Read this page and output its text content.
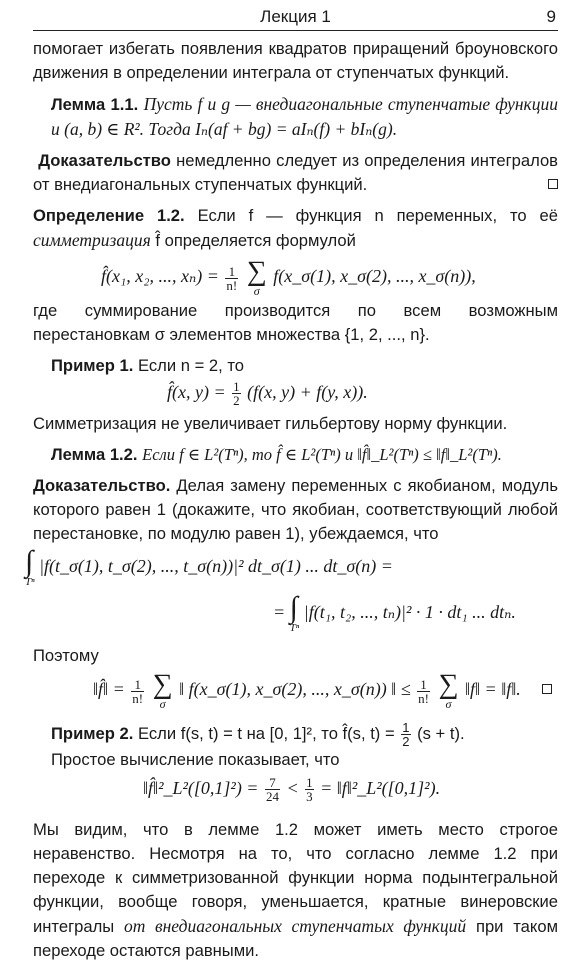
Лекция 1	9

помогает избегать появления квадратов приращений броуновского движения в определении интеграла от ступенчатых функций.

Лемма 1.1. Пусть f и g — внедиагональные ступенчатые функции и (a, b) ∈ R². Тогда Iₙ(af + bg) = aIₙ(f) + bIₙ(g).

Доказательство немедленно следует из определения интегралов от внедиагональных ступенчатых функций.

Определение 1.2. Если f — функция n переменных, то её симметризация f̂ определяется формулой

f̂(x₁, x₂, ..., $x_n) = \frac{1}{n!}$
∑
σ
f(x_σ(1), x_σ(2), ..., x_σ(n)),

где суммирование производится по всем возможным перестановкам σ элементов множества {1, 2, ..., n}.

Пример 1. Если n = 2, то

f̂(x, $y) = \frac{1}{2} (f(x$, y) + f(y, x)).

Симметризация не увеличивает гильбертову норму функции.

Лемма 1.2. Если f ∈ L²(Tⁿ), то f̂ ∈ L²(Tⁿ) и ‖f̂‖_L²(Tⁿ) ≤ ‖f‖_L²(Tⁿ).

Доказательство. Делая замену переменных с якобианом, модуль которого равен 1 (докажите, что якобиан, соответствующий любой перестановке, по модулю равен 1), убеждаемся, что

∫
Tⁿ
|f(t_σ(1), t_σ(2), ..., t_σ(n))|² dt_σ(1) ... dt_σ(n) =
= ∫
Tⁿ
|f(t₁, t₂, ..., tₙ)|² · 1 · dt₁ ... dtₙ.

Поэтому

‖f̂‖ = $\frac{1}{n!}$
∑
σ
‖ f(x_σ(1), x_σ(2), ..., x_σ(n)) ‖ ≤ $\frac{1}{n!}$
∑
σ
‖f‖ = ‖f‖.

Пример 2. Если f(s, t) = t на [0, 1]², то f̂(s, $t) = \frac{1}{2} (s + t)$.

Простое вычисление показывает, что

‖f̂‖²_L²([0,1]²) = $\frac{7}{24} < \frac{1}{3}$ = ‖f‖²_L²([0,1]²).

Мы видим, что в лемме 1.2 может иметь место строгое неравенство. Несмотря на то, что согласно лемме 1.2 при переходе к симметризованной функции норма подынтегральной функции, вообще говоря, уменьшается, кратные винеровские интегралы от внедиагональных ступенчатых функций при таком переходе остаются равными.
